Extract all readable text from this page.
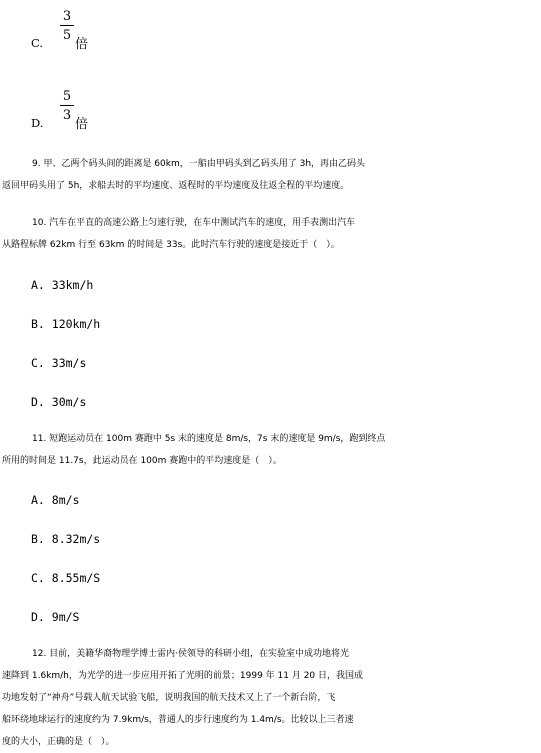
C.
3
5
倍
D.
5
3
倍
9. 甲、乙两个码头间的距离是 60km，一船由甲码头到乙码头用了 3h，再由乙码头
返回甲码头用了 5h，求船去时的平均速度、返程时的平均速度及往返全程的平均速度。
10. 汽车在平直的高速公路上匀速行驶，在车中测试汽车的速度，用手表测出汽车
从路程标牌 62km 行至 63km 的时间是 33s。此时汽车行驶的速度是接近于（　）。
A. 33km/h
B. 120km/h
C. 33m/s
D. 30m/s
11. 短跑运动员在 100m 赛跑中 5s 末的速度是 8m/s，7s 末的速度是 9m/s，跑到终点
所用的时间是 11.7s，此运动员在 100m 赛跑中的平均速度是（　）。
A. 8m/s
B. 8.32m/s
C. 8.55m/S
D. 9m/S
12. 目前，美籍华裔物理学博士雷内·侯领导的科研小组，在实验室中成功地将光
速降到 1.6km/h，为光学的进一步应用开拓了光明的前景；1999 年 11 月 20 日，我国成
功地发射了“神舟”号载人航天试验飞船，说明我国的航天技术又上了一个新台阶，飞
船环绕地球运行的速度约为 7.9km/s，普通人的步行速度约为 1.4m/s。比较以上三者速
度的大小，正确的是（　）。
